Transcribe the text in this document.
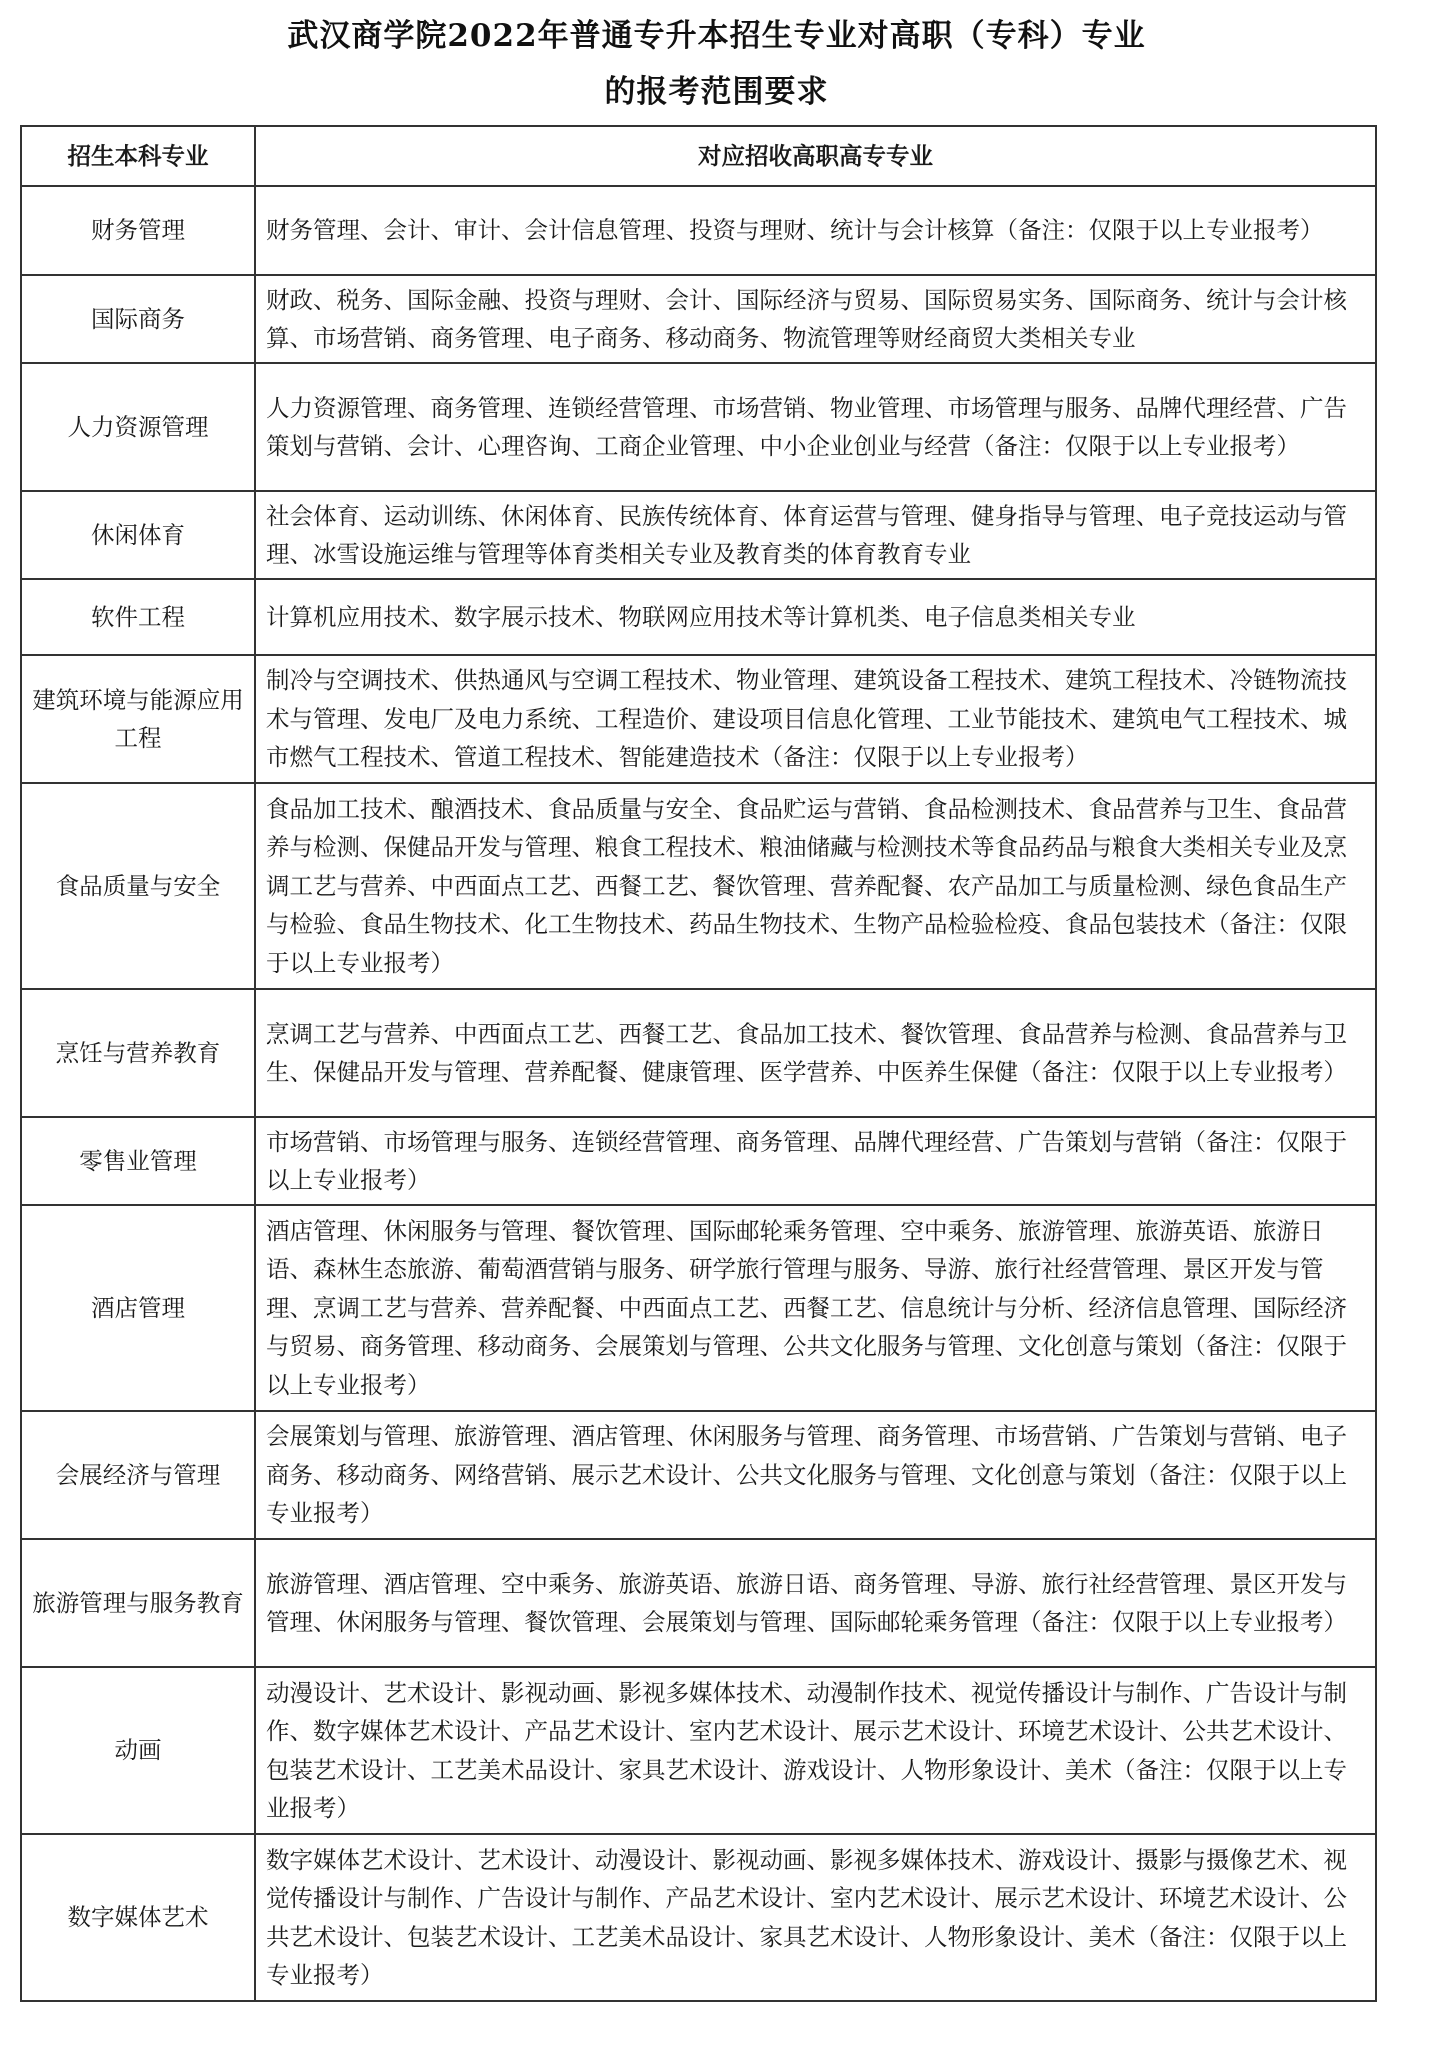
武汉商学院2022年普通专升本招生专业对高职（专科）专业
的报考范围要求
招生本科专业	对应招收高职高专专业
财务管理	财务管理、会计、审计、会计信息管理、投资与理财、统计与会计核算（备注：仅限于以上专业报考）
国际商务	财政、税务、国际金融、投资与理财、会计、国际经济与贸易、国际贸易实务、国际商务、统计与会计核算、市场营销、商务管理、电子商务、移动商务、物流管理等财经商贸大类相关专业
人力资源管理	人力资源管理、商务管理、连锁经营管理、市场营销、物业管理、市场管理与服务、品牌代理经营、广告策划与营销、会计、心理咨询、工商企业管理、中小企业创业与经营（备注：仅限于以上专业报考）
休闲体育	社会体育、运动训练、休闲体育、民族传统体育、体育运营与管理、健身指导与管理、电子竞技运动与管理、冰雪设施运维与管理等体育类相关专业及教育类的体育教育专业
软件工程	计算机应用技术、数字展示技术、物联网应用技术等计算机类、电子信息类相关专业
建筑环境与能源应用工程	制冷与空调技术、供热通风与空调工程技术、物业管理、建筑设备工程技术、建筑工程技术、冷链物流技术与管理、发电厂及电力系统、工程造价、建设项目信息化管理、工业节能技术、建筑电气工程技术、城市燃气工程技术、管道工程技术、智能建造技术（备注：仅限于以上专业报考）
食品质量与安全	食品加工技术、酿酒技术、食品质量与安全、食品贮运与营销、食品检测技术、食品营养与卫生、食品营养与检测、保健品开发与管理、粮食工程技术、粮油储藏与检测技术等食品药品与粮食大类相关专业及烹调工艺与营养、中西面点工艺、西餐工艺、餐饮管理、营养配餐、农产品加工与质量检测、绿色食品生产与检验、食品生物技术、化工生物技术、药品生物技术、生物产品检验检疫、食品包装技术（备注：仅限于以上专业报考）
烹饪与营养教育	烹调工艺与营养、中西面点工艺、西餐工艺、食品加工技术、餐饮管理、食品营养与检测、食品营养与卫生、保健品开发与管理、营养配餐、健康管理、医学营养、中医养生保健（备注：仅限于以上专业报考）
零售业管理	市场营销、市场管理与服务、连锁经营管理、商务管理、品牌代理经营、广告策划与营销（备注：仅限于以上专业报考）
酒店管理	酒店管理、休闲服务与管理、餐饮管理、国际邮轮乘务管理、空中乘务、旅游管理、旅游英语、旅游日语、森林生态旅游、葡萄酒营销与服务、研学旅行管理与服务、导游、旅行社经营管理、景区开发与管理、烹调工艺与营养、营养配餐、中西面点工艺、西餐工艺、信息统计与分析、经济信息管理、国际经济与贸易、商务管理、移动商务、会展策划与管理、公共文化服务与管理、文化创意与策划（备注：仅限于以上专业报考）
会展经济与管理	会展策划与管理、旅游管理、酒店管理、休闲服务与管理、商务管理、市场营销、广告策划与营销、电子商务、移动商务、网络营销、展示艺术设计、公共文化服务与管理、文化创意与策划（备注：仅限于以上专业报考）
旅游管理与服务教育	旅游管理、酒店管理、空中乘务、旅游英语、旅游日语、商务管理、导游、旅行社经营管理、景区开发与管理、休闲服务与管理、餐饮管理、会展策划与管理、国际邮轮乘务管理（备注：仅限于以上专业报考）
动画	动漫设计、艺术设计、影视动画、影视多媒体技术、动漫制作技术、视觉传播设计与制作、广告设计与制作、数字媒体艺术设计、产品艺术设计、室内艺术设计、展示艺术设计、环境艺术设计、公共艺术设计、包装艺术设计、工艺美术品设计、家具艺术设计、游戏设计、人物形象设计、美术（备注：仅限于以上专业报考）
数字媒体艺术	数字媒体艺术设计、艺术设计、动漫设计、影视动画、影视多媒体技术、游戏设计、摄影与摄像艺术、视觉传播设计与制作、广告设计与制作、产品艺术设计、室内艺术设计、展示艺术设计、环境艺术设计、公共艺术设计、包装艺术设计、工艺美术品设计、家具艺术设计、人物形象设计、美术（备注：仅限于以上专业报考）
